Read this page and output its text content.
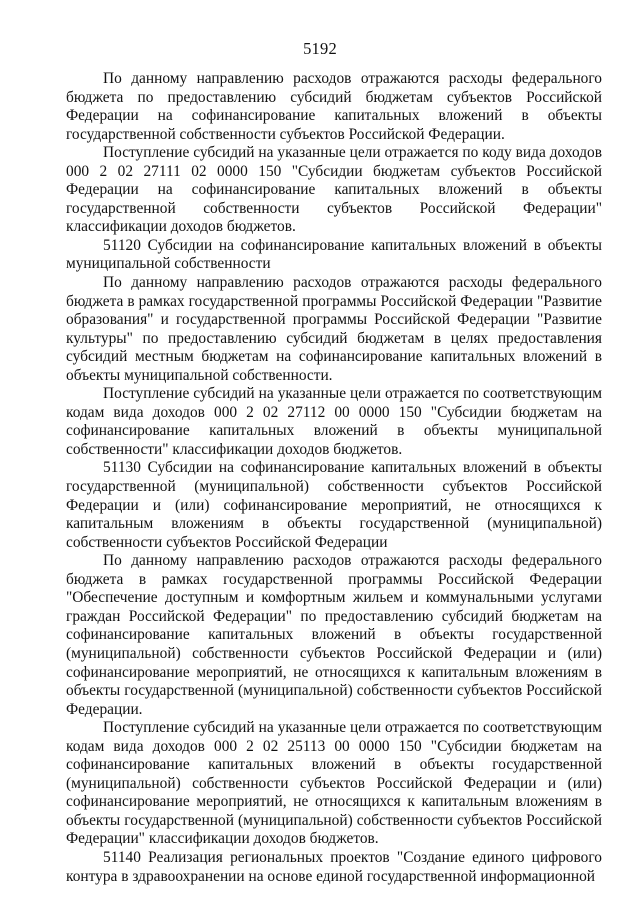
5192

По данному направлению расходов отражаются расходы федерального бюджета по предоставлению субсидий бюджетам субъектов Российской Федерации на софинансирование капитальных вложений в объекты государственной собственности субъектов Российской Федерации.

Поступление субсидий на указанные цели отражается по коду вида доходов 000 2 02 27111 02 0000 150 "Субсидии бюджетам субъектов Российской Федерации на софинансирование капитальных вложений в объекты государственной собственности субъектов Российской Федерации" классификации доходов бюджетов.

51120 Субсидии на софинансирование капитальных вложений в объекты муниципальной собственности

По данному направлению расходов отражаются расходы федерального бюджета в рамках государственной программы Российской Федерации "Развитие образования" и государственной программы Российской Федерации "Развитие культуры" по предоставлению субсидий бюджетам в целях предоставления субсидий местным бюджетам на софинансирование капитальных вложений в объекты муниципальной собственности.

Поступление субсидий на указанные цели отражается по соответствующим кодам вида доходов 000 2 02 27112 00 0000 150 "Субсидии бюджетам на софинансирование капитальных вложений в объекты муниципальной собственности" классификации доходов бюджетов.

51130 Субсидии на софинансирование капитальных вложений в объекты государственной (муниципальной) собственности субъектов Российской Федерации и (или) софинансирование мероприятий, не относящихся к капитальным вложениям в объекты государственной (муниципальной) собственности субъектов Российской Федерации

По данному направлению расходов отражаются расходы федерального бюджета в рамках государственной программы Российской Федерации "Обеспечение доступным и комфортным жильем и коммунальными услугами граждан Российской Федерации" по предоставлению субсидий бюджетам на софинансирование капитальных вложений в объекты государственной (муниципальной) собственности субъектов Российской Федерации и (или) софинансирование мероприятий, не относящихся к капитальным вложениям в объекты государственной (муниципальной) собственности субъектов Российской Федерации.

Поступление субсидий на указанные цели отражается по соответствующим кодам вида доходов 000 2 02 25113 00 0000 150 "Субсидии бюджетам на софинансирование капитальных вложений в объекты государственной (муниципальной) собственности субъектов Российской Федерации и (или) софинансирование мероприятий, не относящихся к капитальным вложениям в объекты государственной (муниципальной) собственности субъектов Российской Федерации" классификации доходов бюджетов.

51140 Реализация региональных проектов "Создание единого цифрового контура в здравоохранении на основе единой государственной информационной
